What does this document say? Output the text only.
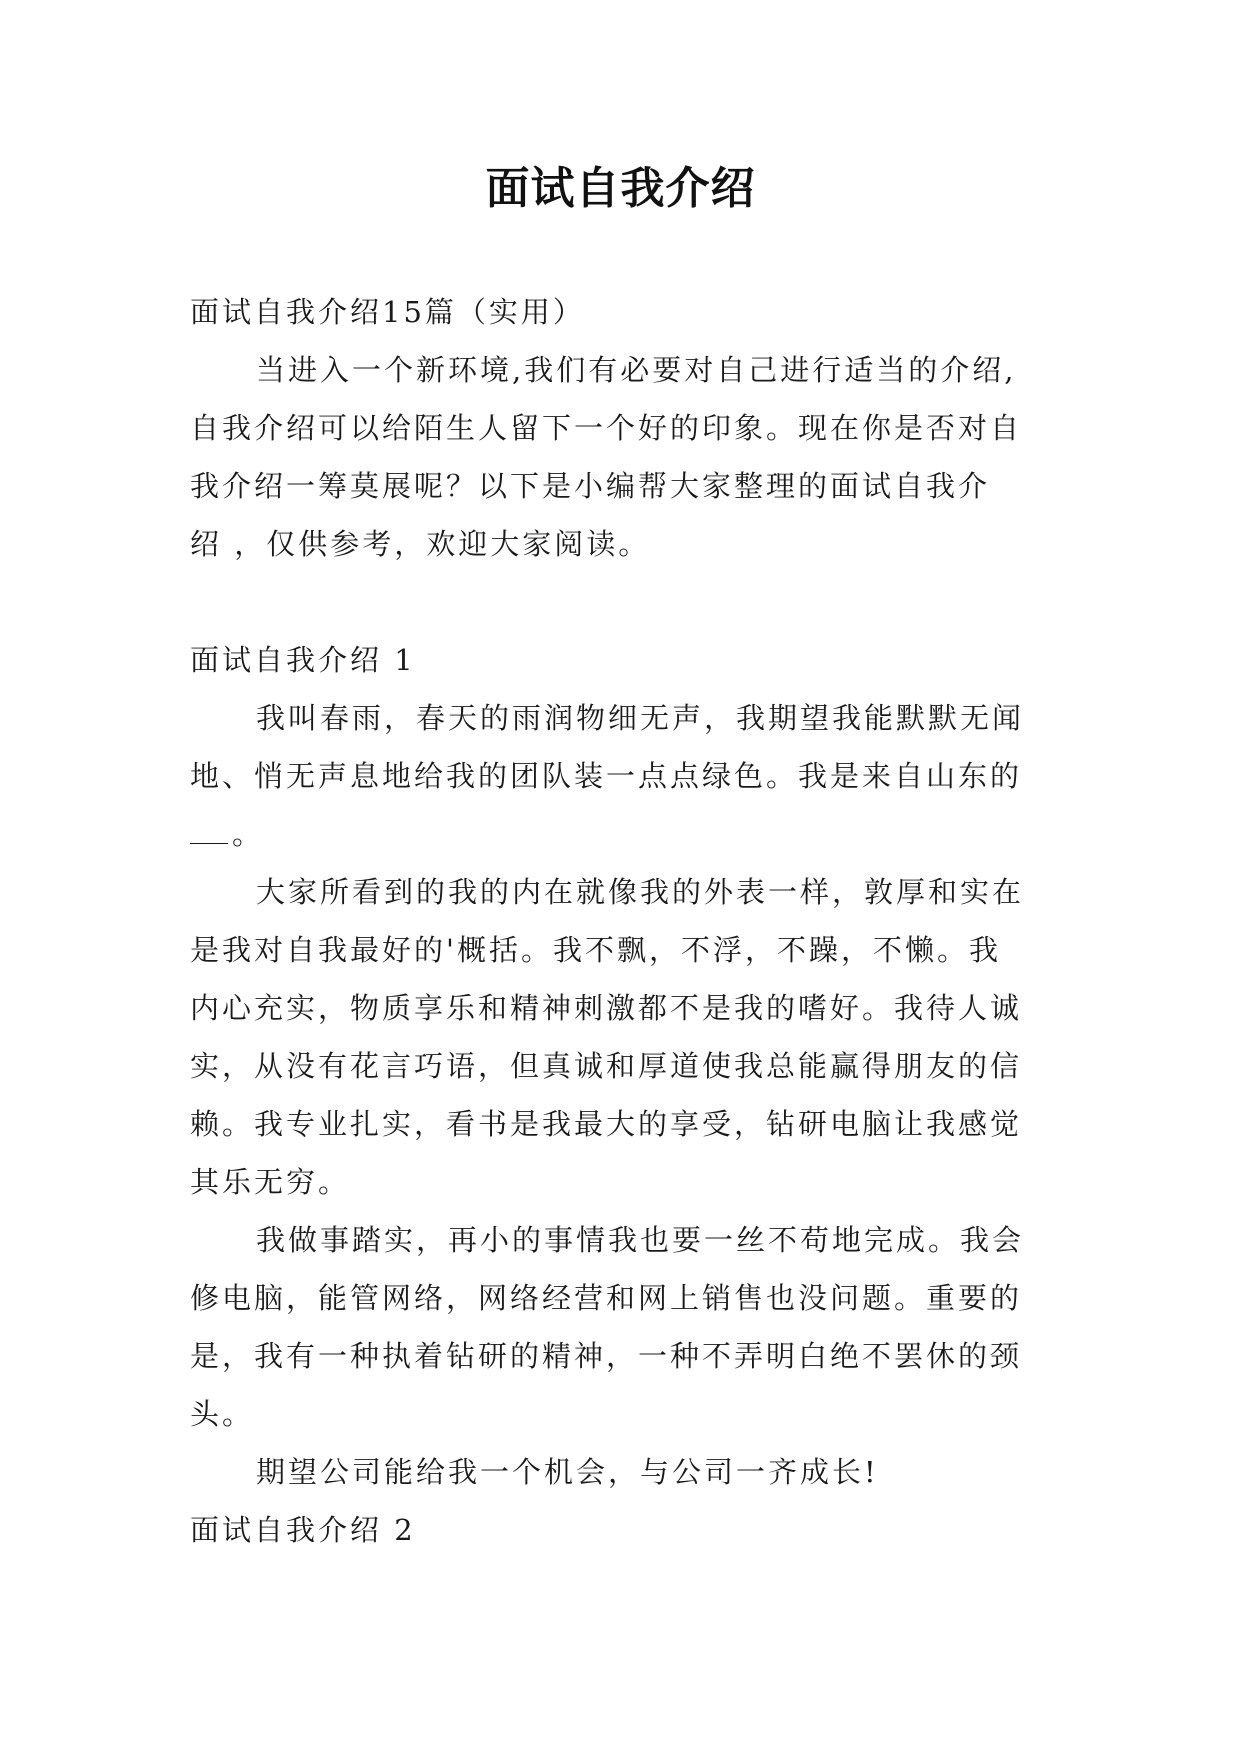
面试自我介绍
面试自我介绍15篇（实用）
当进入一个新环境,我们有必要对自己进行适当的介绍,
自我介绍可以给陌生人留下一个好的印象。现在你是否对自
我介绍一筹莫展呢？以下是小编帮大家整理的面试自我介
绍 ，仅供参考，欢迎大家阅读。
面试自我介绍 1
我叫春雨，春天的雨润物细无声，我期望我能默默无闻
地、悄无声息地给我的团队装一点点绿色。我是来自山东的
。
大家所看到的我的内在就像我的外表一样，敦厚和实在
是我对自我最好的'概括。我不飘，不浮，不躁，不懒。我
内心充实，物质享乐和精神刺激都不是我的嗜好。我待人诚
实，从没有花言巧语，但真诚和厚道使我总能赢得朋友的信
赖。我专业扎实，看书是我最大的享受，钻研电脑让我感觉
其乐无穷。
我做事踏实，再小的事情我也要一丝不苟地完成。我会
修电脑，能管网络，网络经营和网上销售也没问题。重要的
是，我有一种执着钻研的精神，一种不弄明白绝不罢休的颈
头。
期望公司能给我一个机会，与公司一齐成长!
面试自我介绍 2
